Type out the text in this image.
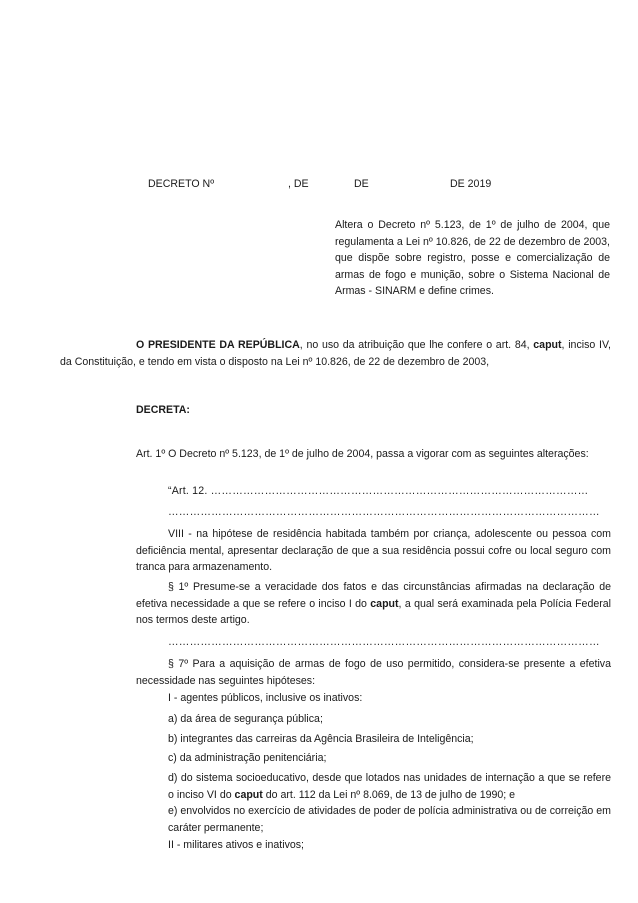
DECRETO Nº	, DE	DE	DE 2019
Altera o Decreto nº 5.123, de 1º de julho de 2004, que regulamenta a Lei nº 10.826, de 22 de dezembro de 2003, que dispõe sobre registro, posse e comercialização de armas de fogo e munição, sobre o Sistema Nacional de Armas - SINARM e define crimes.
O PRESIDENTE DA REPÚBLICA, no uso da atribuição que lhe confere o art. 84, caput, inciso IV, da Constituição, e tendo em vista o disposto na Lei nº 10.826, de 22 de dezembro de 2003,
DECRETA:
Art. 1º O Decreto nº 5.123, de 1º de julho de 2004, passa a vigorar com as seguintes alterações:
“Art. 12. ……………………………………………………………………………………………
…………………………………………………………………………………………………………
VIII - na hipótese de residência habitada também por criança, adolescente ou pessoa com deficiência mental, apresentar declaração de que a sua residência possui cofre ou local seguro com tranca para armazenamento.
§ 1º Presume-se a veracidade dos fatos e das circunstâncias afirmadas na declaração de efetiva necessidade a que se refere o inciso I do caput, a qual será examinada pela Polícia Federal nos termos deste artigo.
…………………………………………………………………………………………………………
§ 7º Para a aquisição de armas de fogo de uso permitido, considera-se presente a efetiva necessidade nas seguintes hipóteses:
I - agentes públicos, inclusive os inativos:
a) da área de segurança pública;
b) integrantes das carreiras da Agência Brasileira de Inteligência;
c) da administração penitenciária;
d) do sistema socioeducativo, desde que lotados nas unidades de internação a que se refere o inciso VI do caput do art. 112 da Lei nº 8.069, de 13 de julho de 1990; e
e) envolvidos no exercício de atividades de poder de polícia administrativa ou de correição em caráter permanente;
II - militares ativos e inativos;
